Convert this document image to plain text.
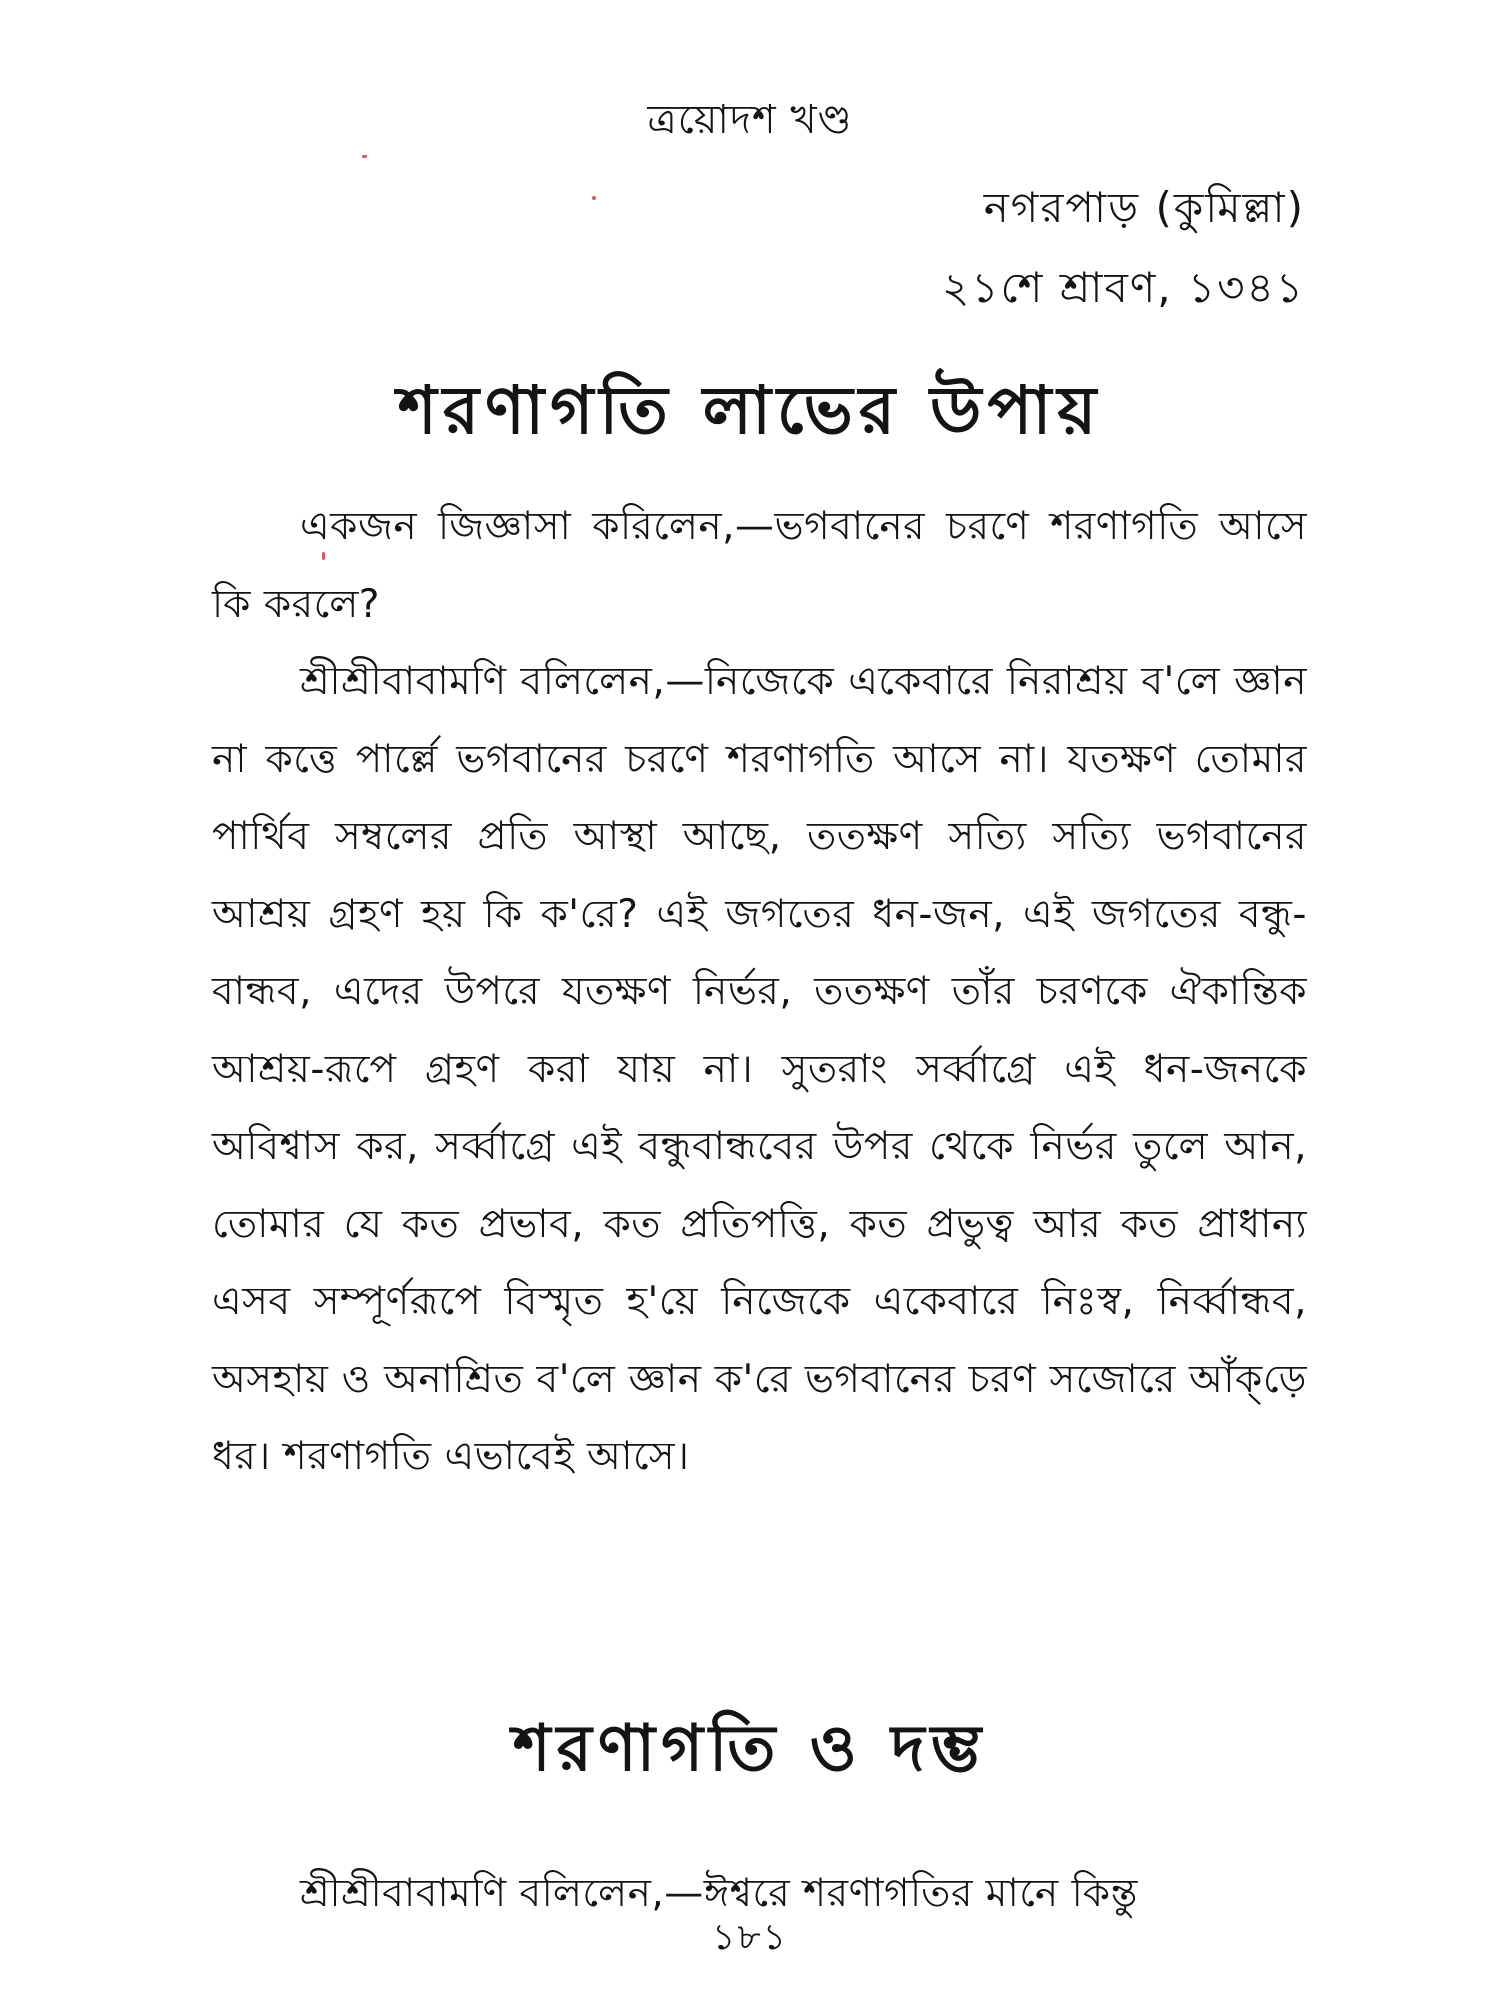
ত্রয়োদশ খণ্ড
নগরপাড় (কুমিল্লা)
২১শে শ্রাবণ, ১৩৪১
শরণাগতি লাভের উপায়

একজন জিজ্ঞাসা করিলেন,—ভগবানের চরণে শরণাগতি আসে কি করলে?

শ্রীশ্রীবাবামণি বলিলেন,—নিজেকে একেবারে নিরাশ্রয় ব'লে জ্ঞান না কত্তে পার্ল্লে ভগবানের চরণে শরণাগতি আসে না। যতক্ষণ তোমার পার্থিব সম্বলের প্রতি আস্থা আছে, ততক্ষণ সত্যি সত্যি ভগবানের আশ্রয় গ্রহণ হয় কি ক'রে? এই জগতের ধন-জন, এই জগতের বন্ধু-বান্ধব, এদের উপরে যতক্ষণ নির্ভর, ততক্ষণ তাঁর চরণকে ঐকান্তিক আশ্রয়-রূপে গ্রহণ করা যায় না। সুতরাং সর্ব্বাগ্রে এই ধন-জনকে অবিশ্বাস কর, সর্ব্বাগ্রে এই বন্ধুবান্ধবের উপর থেকে নির্ভর তুলে আন, তোমার যে কত প্রভাব, কত প্রতিপত্তি, কত প্রভুত্ব আর কত প্রাধান্য এসব সম্পূর্ণরূপে বিস্মৃত হ'য়ে নিজেকে একেবারে নিঃস্ব, নির্ব্বান্ধব, অসহায় ও অনাশ্রিত ব'লে জ্ঞান ক'রে ভগবানের চরণ সজোরে আঁক্‌ড়ে ধর। শরণাগতি এভাবেই আসে।

শরণাগতি ও দম্ভ

শ্রীশ্রীবাবামণি বলিলেন,—ঈশ্বরে শরণাগতির মানে কিন্তু

১৮১
